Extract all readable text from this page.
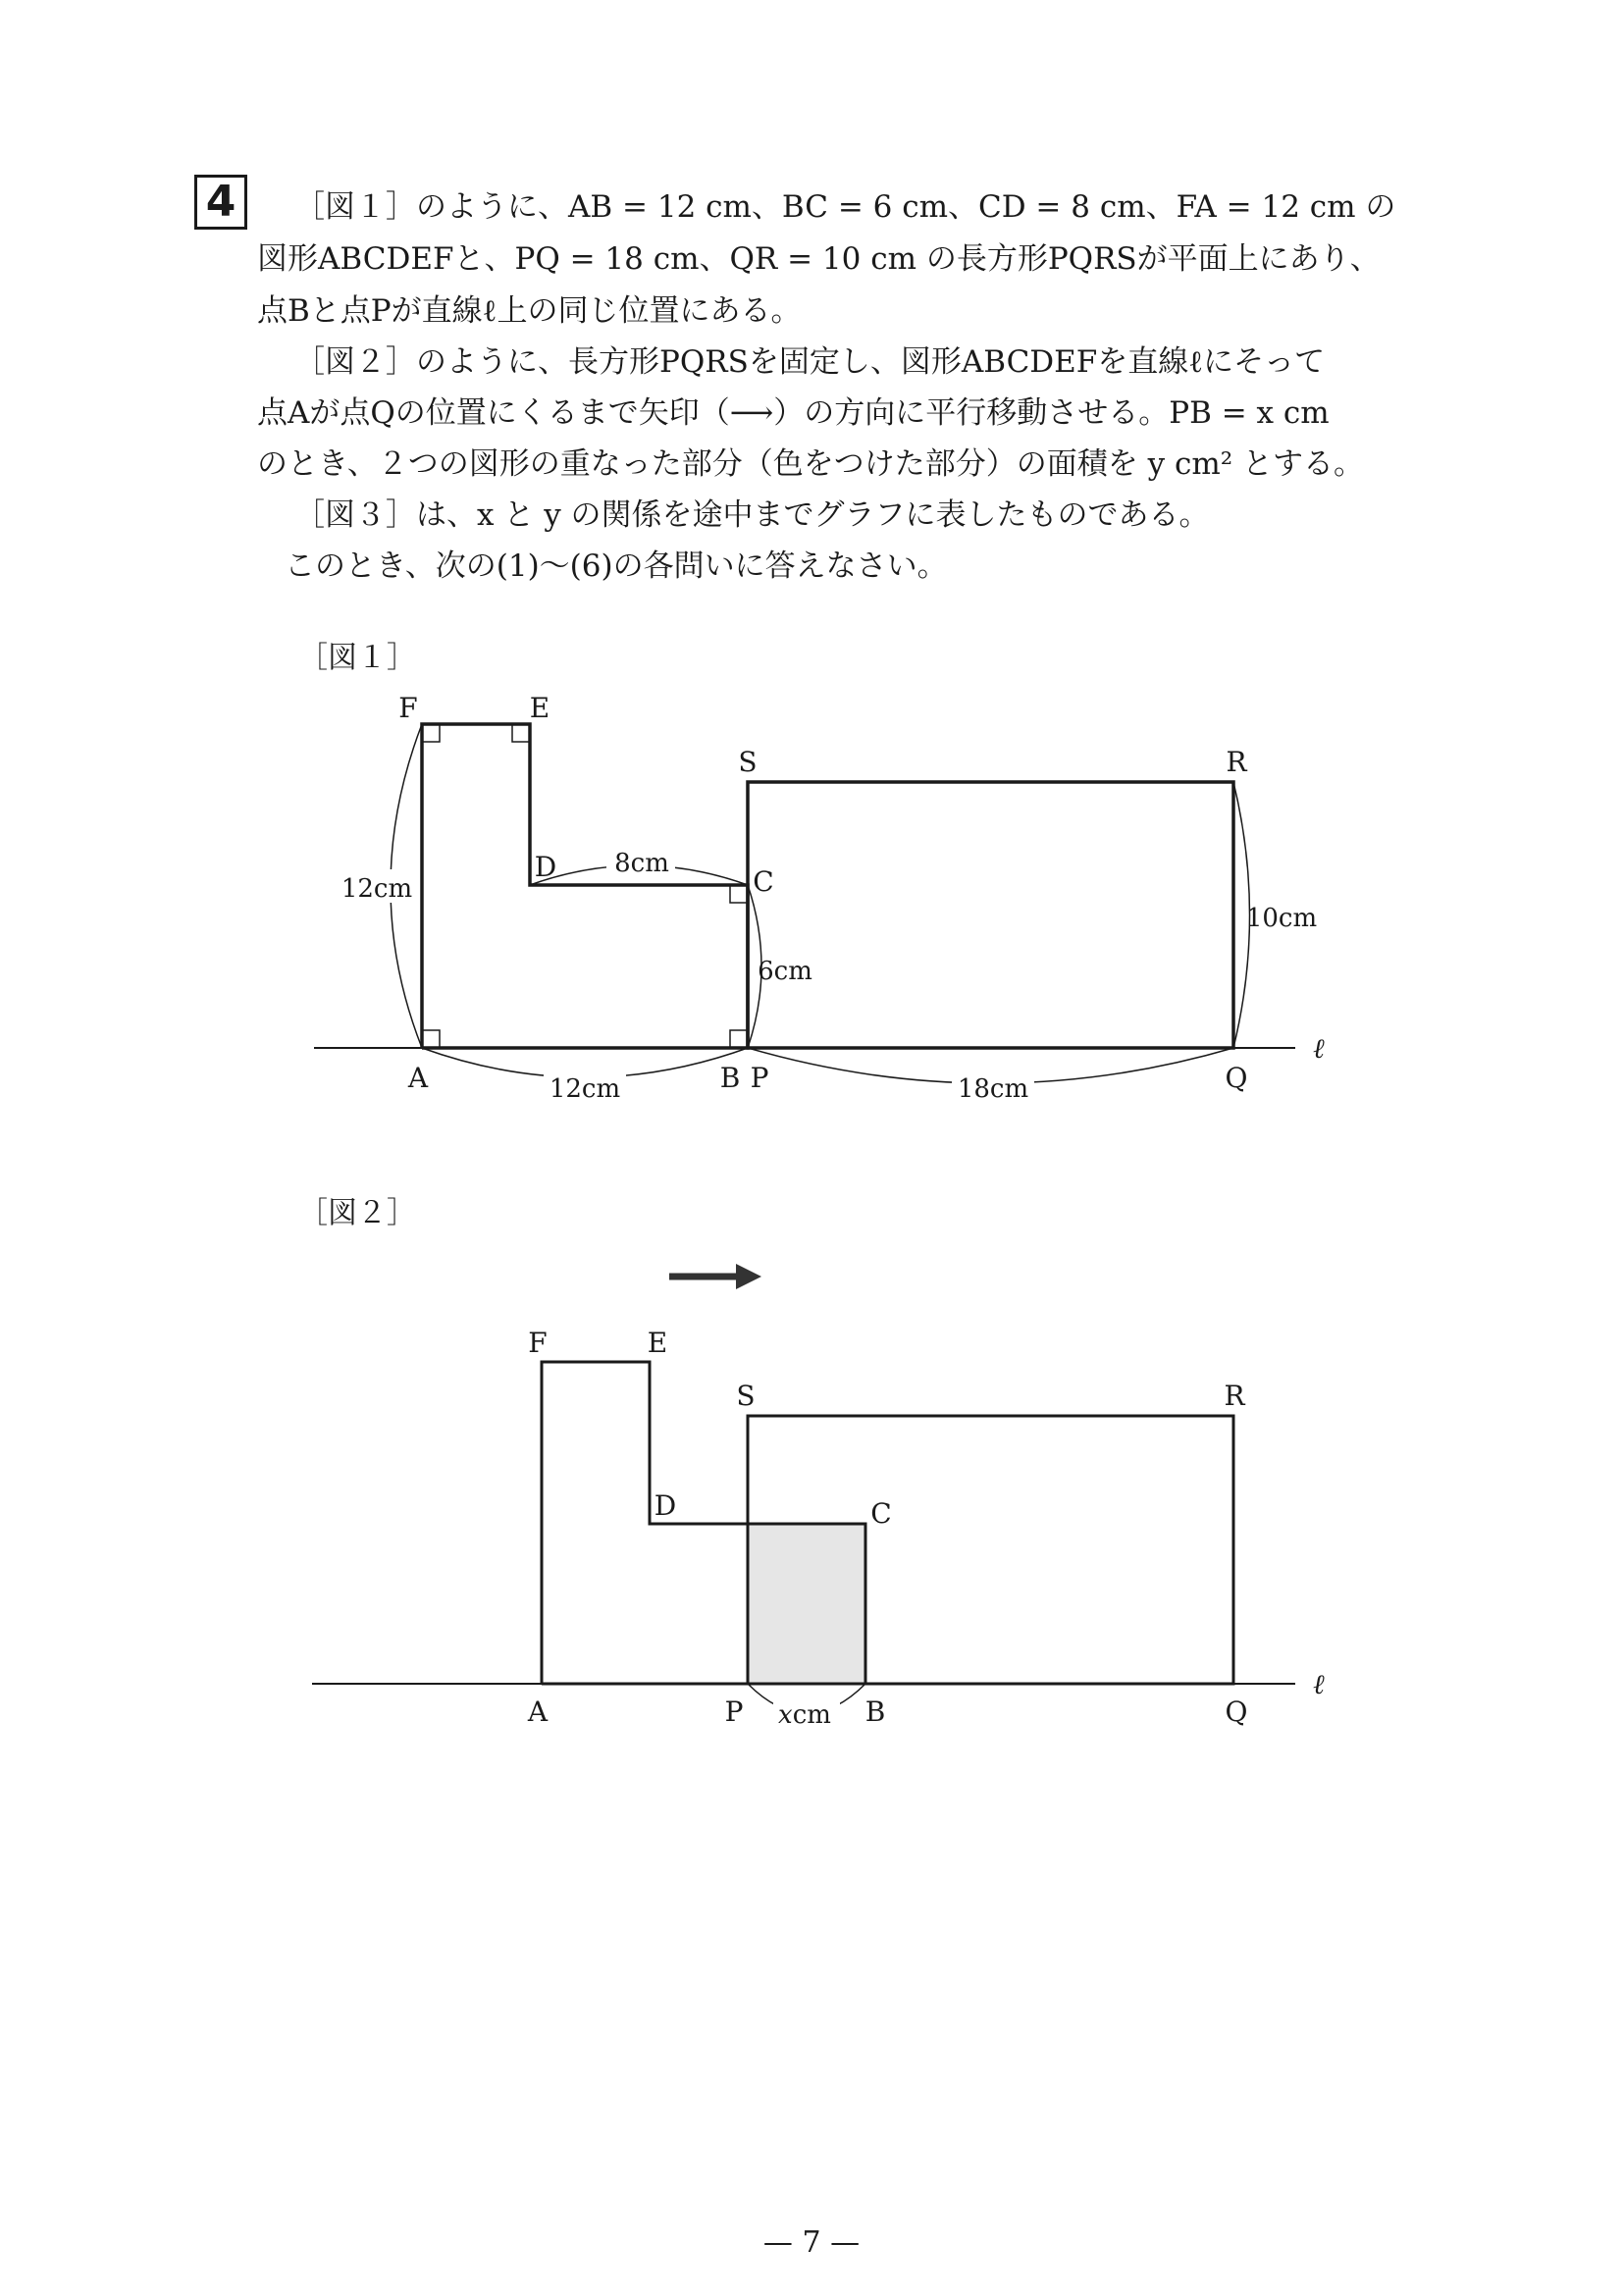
4 ［図１］のように、AB = 12 cm、BC = 6 cm、CD = 8 cm、FA = 12 cm の
図形ABCDEFと、PQ = 18 cm、QR = 10 cm の長方形PQRSが平面上にあり、
点Bと点Pが直線ℓ上の同じ位置にある。
［図２］のように、長方形PQRSを固定し、図形ABCDEFを直線ℓにそって
点Aが点Qの位置にくるまで矢印（⟶）の方向に平行移動させる。PB = x cm
のとき、２つの図形の重なった部分（色をつけた部分）の面積を y cm² とする。
［図３］は、x と y の関係を途中までグラフに表したものである。
このとき、次の(1)〜(6)の各問いに答えなさい。
［図１］
［図２］
F	E
D	C
A	B P	Q
R
S
ℓ
12cm
8cm
6cm
12cm	18cm
10cm
F	E
S	R
D	C
A	P	B	Q
ℓ
xcm
— 7 —
